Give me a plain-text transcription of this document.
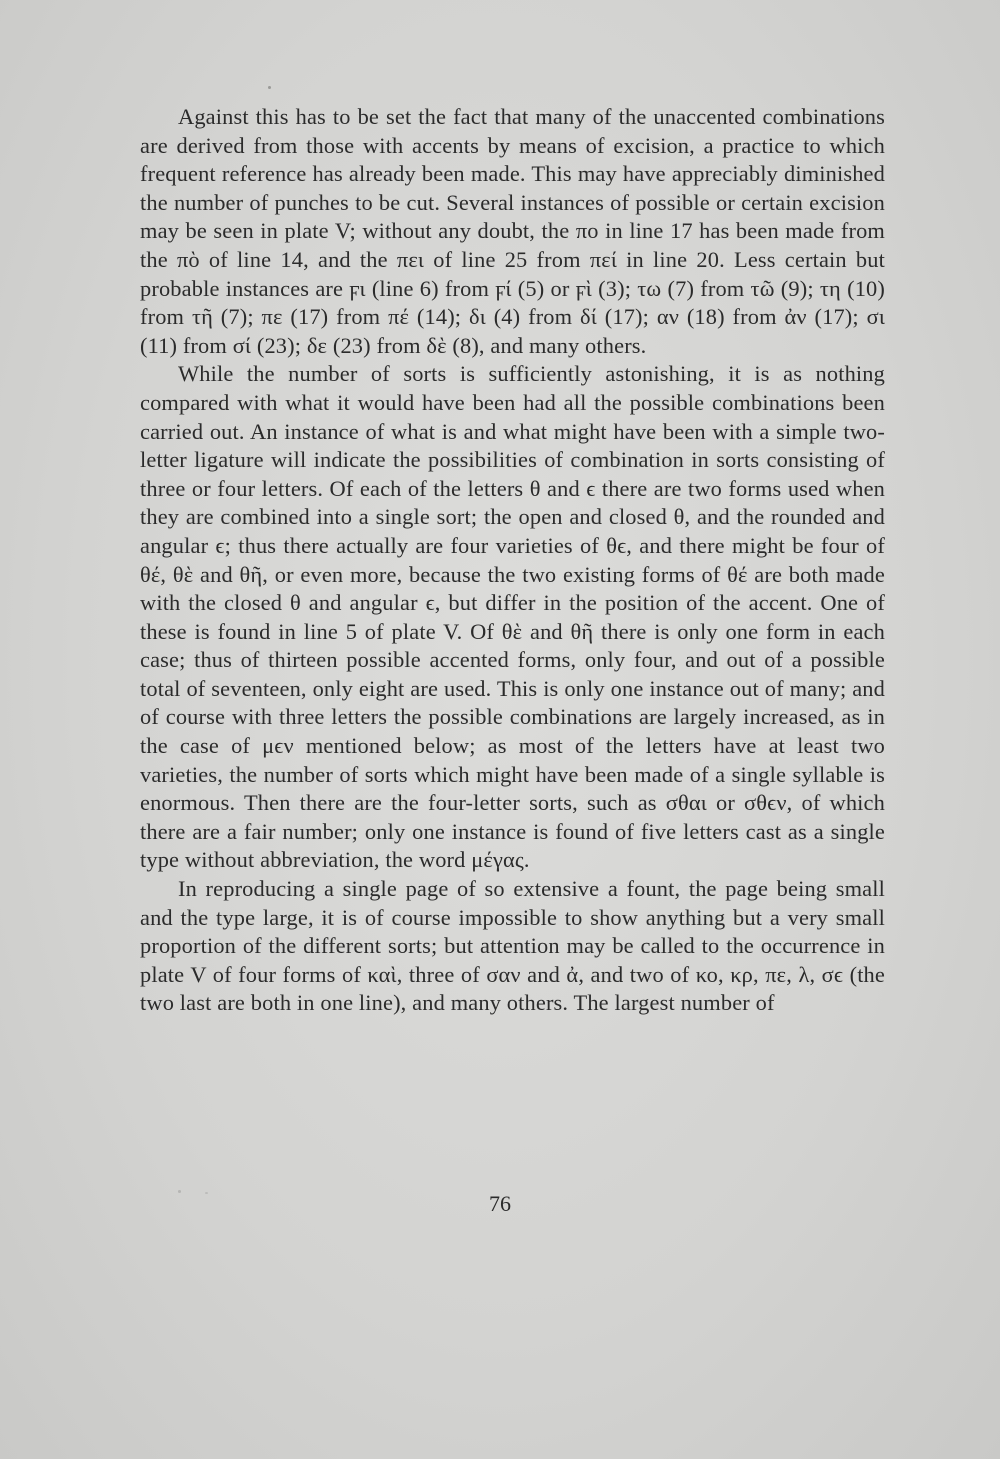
Against this has to be set the fact that many of the unaccented combinations are derived from those with accents by means of excision, a practice to which frequent reference has already been made. This may have appreciably diminished the number of punches to be cut. Several instances of possible or certain excision may be seen in plate V; without any doubt, the πο in line 17 has been made from the πὸ of line 14, and the πει of line 25 from πεί in line 20. Less certain but probable instances are ϝι (line 6) from ϝί (5) or ϝὶ (3); τω (7) from τῶ (9); τη (10) from τῆ (7); πε (17) from πέ (14); δι (4) from δί (17); αν (18) from ἀν (17); σι (11) from σί (23); δε (23) from δὲ (8), and many others.

While the number of sorts is sufficiently astonishing, it is as nothing compared with what it would have been had all the possible combinations been carried out. An instance of what is and what might have been with a simple two-letter ligature will indicate the possibilities of combination in sorts consisting of three or four letters. Of each of the letters θ and ϵ there are two forms used when they are combined into a single sort; the open and closed θ, and the rounded and angular ϵ; thus there actually are four varieties of θϵ, and there might be four of θέ, θὲ and θῆ, or even more, because the two existing forms of θέ are both made with the closed θ and angular ϵ, but differ in the position of the accent. One of these is found in line 5 of plate V. Of θὲ and θῆ there is only one form in each case; thus of thirteen possible accented forms, only four, and out of a possible total of seventeen, only eight are used. This is only one instance out of many; and of course with three letters the possible combinations are largely increased, as in the case of μϵν mentioned below; as most of the letters have at least two varieties, the number of sorts which might have been made of a single syllable is enormous. Then there are the four-letter sorts, such as σθαι or σθϵν, of which there are a fair number; only one instance is found of five letters cast as a single type without abbreviation, the word μέγας.

In reproducing a single page of so extensive a fount, the page being small and the type large, it is of course impossible to show anything but a very small proportion of the different sorts; but attention may be called to the occurrence in plate V of four forms of καὶ, three of σαν and ἀ, and two of κο, κρ, πε, λ, σϵ (the two last are both in one line), and many others. The largest number of

76
